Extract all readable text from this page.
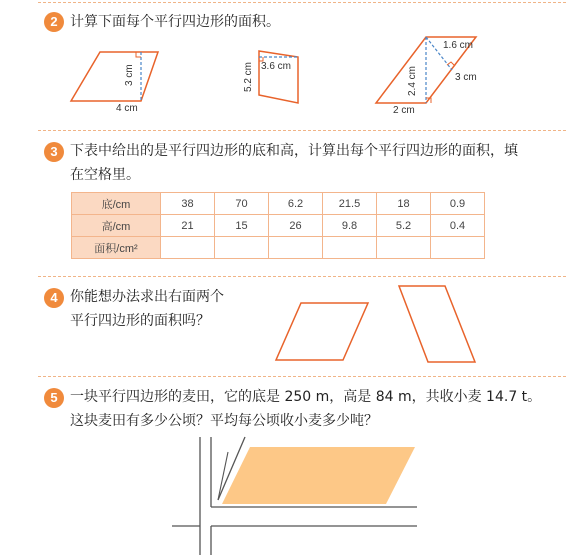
2 计算下面每个平行四边形的面积。
4 cm
3 cm	3.6 cm
5.2 cm
1.6 cm
3 cm
2.4 cm
2 cm
3 下表中给出的是平行四边形的底和高，计算出每个平行四边形的面积，填
在空格里。
底/cm	38	70	6.2	21.5	18	0.9
高/cm	21	15	26	9.8	5.2	0.4
面积/cm²						
4 你能想办法求出右面两个
平行四边形的面积吗？
5 一块平行四边形的麦田，它的底是 250 m，高是 84 m，共收小麦 14.7 t。
这块麦田有多少公顷？平均每公顷收小麦多少吨？
